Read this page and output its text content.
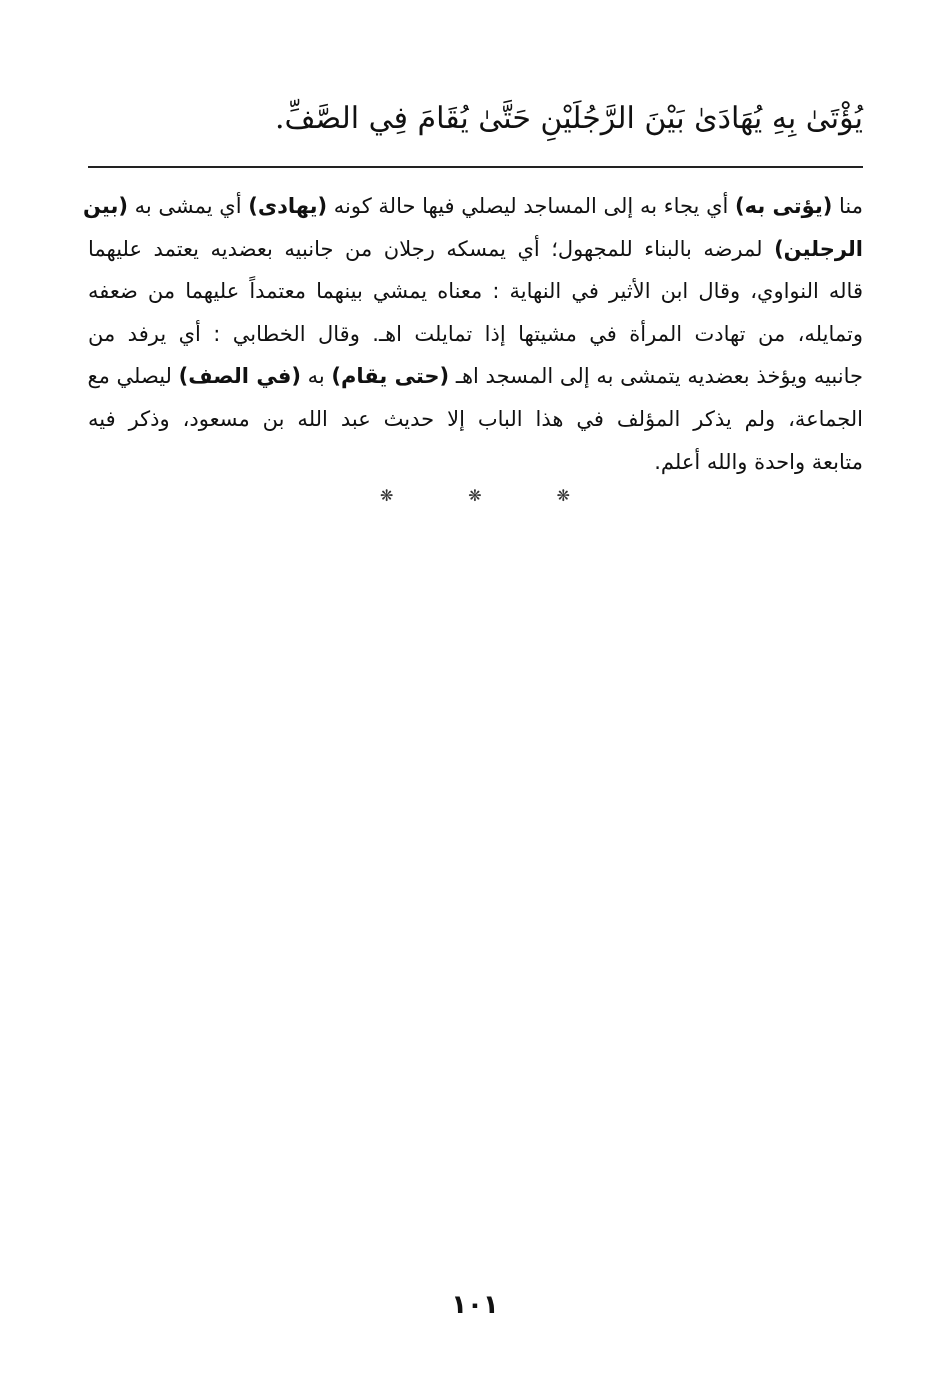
يُؤْتَىٰ بِهِ يُهَادَىٰ بَيْنَ الرَّجُلَيْنِ حَتَّىٰ يُقَامَ فِي الصَّفِّ.
منا (يؤتى به) أي يجاء به إلى المساجد ليصلي فيها حالة كونه (يهادى) أي يمشى به (بين
الرجلين) لمرضه بالبناء للمجهول؛ أي يمسكه رجلان من جانبيه بعضديه يعتمد عليهما
قاله النواوي، وقال ابن الأثير في النهاية : معناه يمشي بينهما معتمداً عليهما من ضعفه
وتمايله، من تهادت المرأة في مشيتها إذا تمايلت اهـ. وقال الخطابي : أي يرفد من
جانبيه ويؤخذ بعضديه يتمشى به إلى المسجد اهـ (حتى يقام) به (في الصف) ليصلي مع
الجماعة، ولم يذكر المؤلف في هذا الباب إلا حديث عبد الله بن مسعود، وذكر فيه
متابعة واحدة والله أعلم.
❋	❋	❋
١٠١
